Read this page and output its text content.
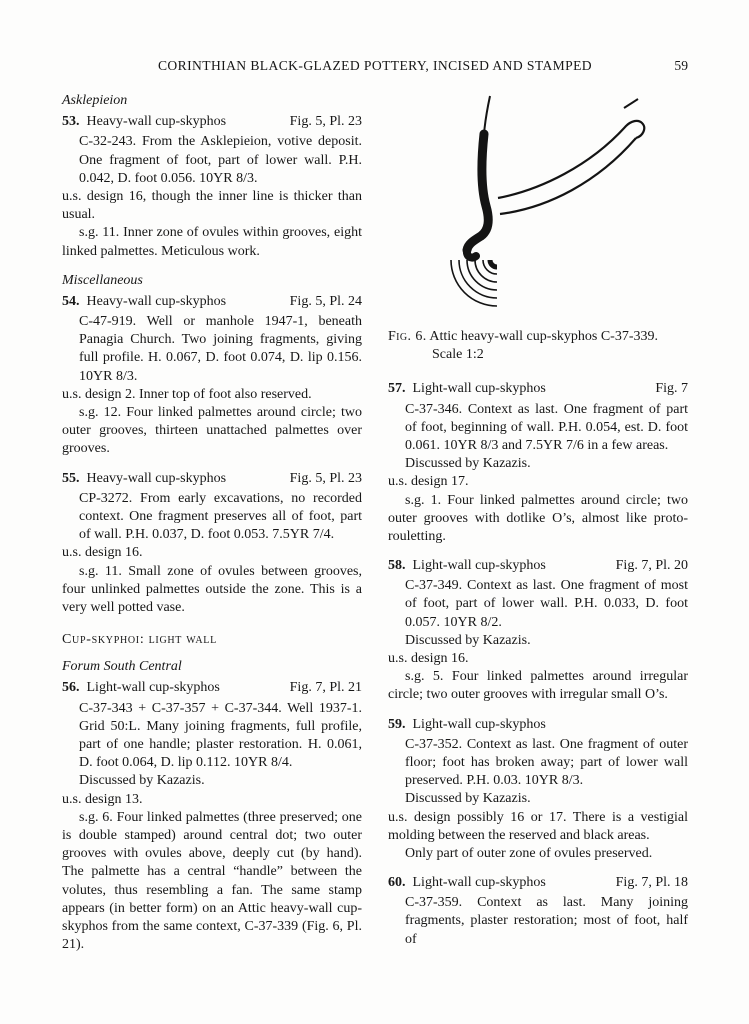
CORINTHIAN BLACK-GLAZED POTTERY, INCISED AND STAMPED	59
Asklepieion

53. Heavy-wall cup-skyphos	Fig. 5, Pl. 23

C-32-243. From the Asklepieion, votive deposit. One fragment of foot, part of lower wall. P.H. 0.042, D. foot 0.056. 10YR 8/3.

u.s. design 16, though the inner line is thicker than usual.

s.g. 11. Inner zone of ovules within grooves, eight linked palmettes. Meticulous work.

Miscellaneous

54. Heavy-wall cup-skyphos	Fig. 5, Pl. 24

C-47-919. Well or manhole 1947-1, beneath Panagia Church. Two joining fragments, giving full profile. H. 0.067, D. foot 0.074, D. lip 0.156. 10YR 8/3.

u.s. design 2. Inner top of foot also reserved.

s.g. 12. Four linked palmettes around circle; two outer grooves, thirteen unattached palmettes over grooves.

55. Heavy-wall cup-skyphos	Fig. 5, Pl. 23

CP-3272. From early excavations, no recorded context. One fragment preserves all of foot, part of wall. P.H. 0.037, D. foot 0.053. 7.5YR 7/4.

u.s. design 16.

s.g. 11. Small zone of ovules between grooves, four unlinked palmettes outside the zone. This is a very well potted vase.

Cup-skyphoi: light wall
Forum South Central

56. Light-wall cup-skyphos	Fig. 7, Pl. 21

C-37-343 + C-37-357 + C-37-344. Well 1937-1. Grid 50:L. Many joining fragments, full profile, part of one handle; plaster restoration. H. 0.061, D. foot 0.064, D. lip 0.112. 10YR 8/4.

Discussed by Kazazis.

u.s. design 13.

s.g. 6. Four linked palmettes (three preserved; one is double stamped) around central dot; two outer grooves with ovules above, deeply cut (by hand). The palmette has a central “handle” between the volutes, thus resembling a fan. The same stamp appears (in better form) on an Attic heavy-wall cup-skyphos from the same context, C-37-339 (Fig. 6, Pl. 21).

Fig. 6. Attic heavy-wall cup-skyphos C-37-339.

Scale 1:2

57. Light-wall cup-skyphos	Fig. 7

C-37-346. Context as last. One fragment of part of foot, beginning of wall. P.H. 0.054, est. D. foot 0.061. 10YR 8/3 and 7.5YR 7/6 in a few areas.

Discussed by Kazazis.

u.s. design 17.

s.g. 1. Four linked palmettes around circle; two outer grooves with dotlike O’s, almost like proto-rouletting.

58. Light-wall cup-skyphos	Fig. 7, Pl. 20

C-37-349. Context as last. One fragment of most of foot, part of lower wall. P.H. 0.033, D. foot 0.057. 10YR 8/2.

Discussed by Kazazis.

u.s. design 16.

s.g. 5. Four linked palmettes around irregular circle; two outer grooves with irregular small O’s.

59. Light-wall cup-skyphos

C-37-352. Context as last. One fragment of outer floor; foot has broken away; part of lower wall preserved. P.H. 0.03. 10YR 8/3.

Discussed by Kazazis.

u.s. design possibly 16 or 17. There is a vestigial molding between the reserved and black areas.

Only part of outer zone of ovules preserved.

60. Light-wall cup-skyphos	Fig. 7, Pl. 18

C-37-359. Context as last. Many joining fragments, plaster restoration; most of foot, half of
